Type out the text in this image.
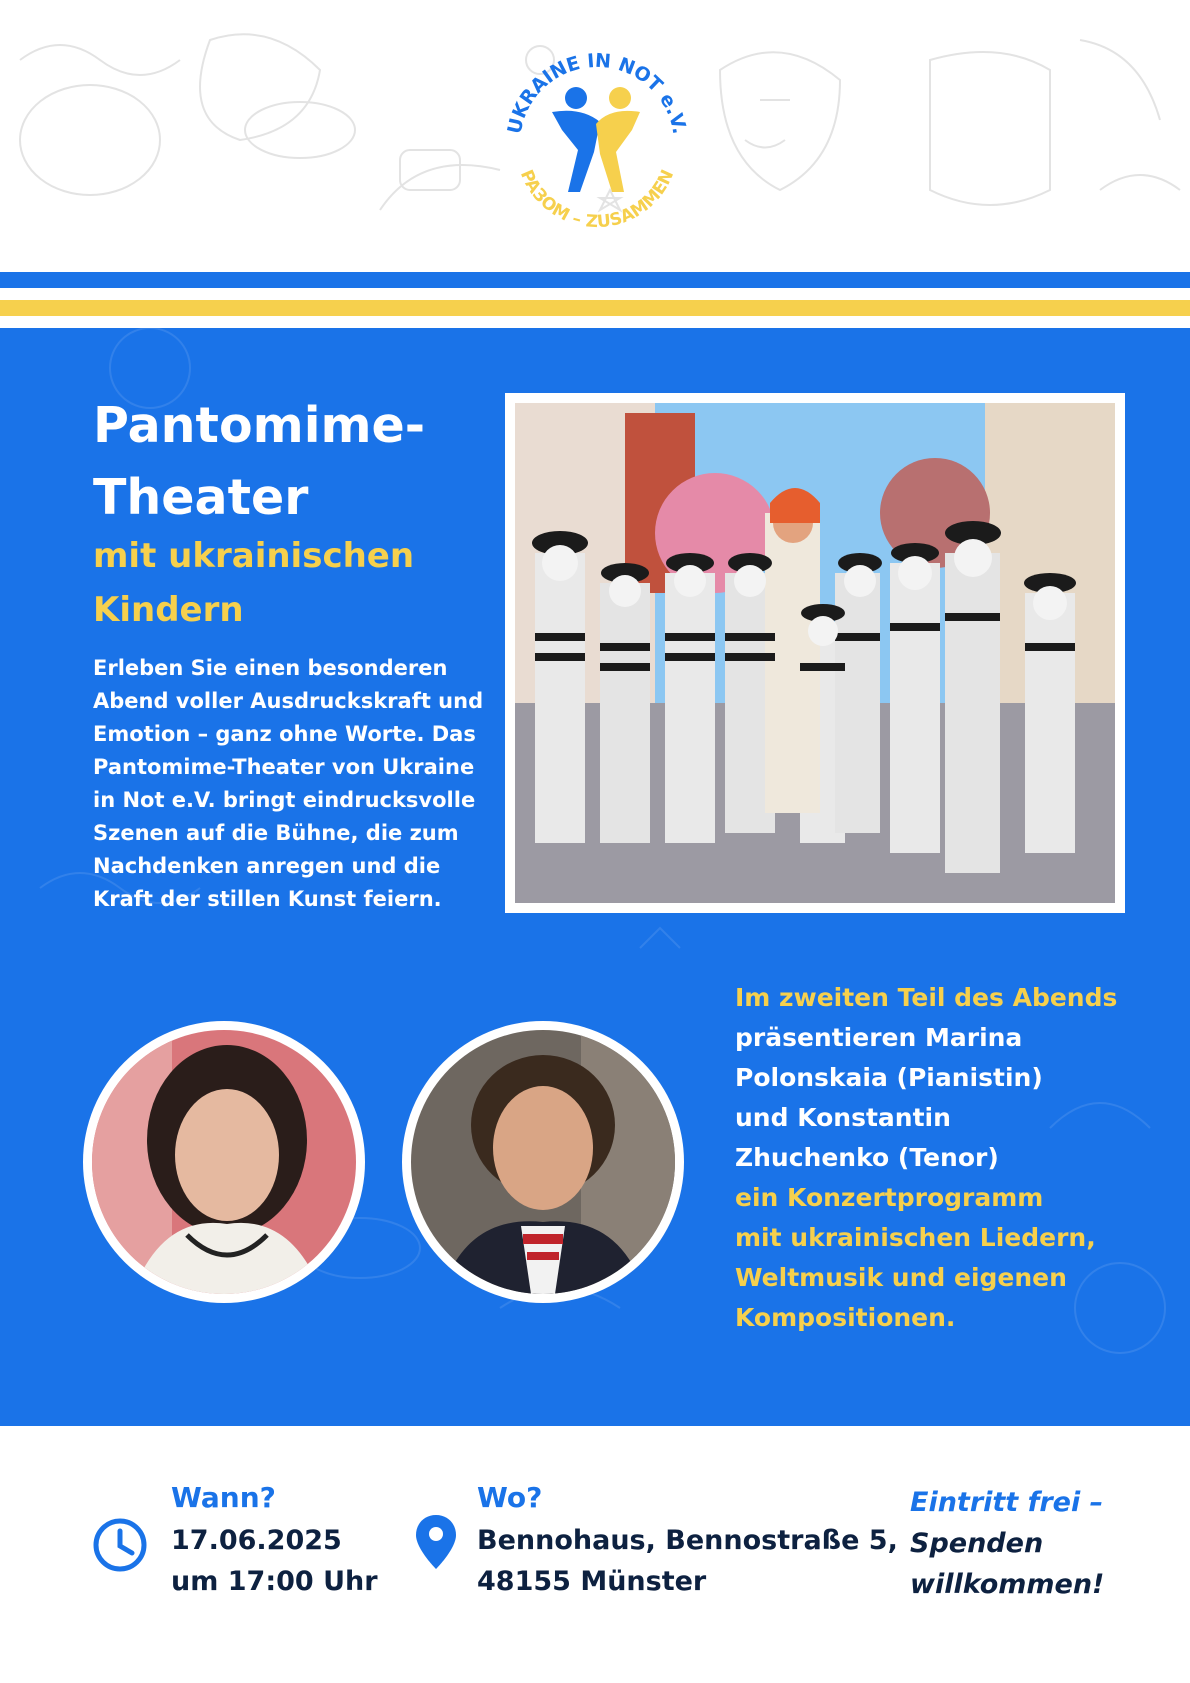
UKRAINE IN NOT e.V.
PAЗOM – ZUSAMMEN
Pantomime-
Theater
mit ukrainischen
Kindern

Erleben Sie einen besonderen Abend voller Ausdruckskraft und Emotion – ganz ohne Worte. Das Pantomime-Theater von Ukraine in Not e.V. bringt eindrucksvolle Szenen auf die Bühne, die zum Nachdenken anregen und die Kraft der stillen Kunst feiern.

Im zweiten Teil des Abends
präsentieren Marina
Polonskaia (Pianistin)
und Konstantin
Zhuchenko (Tenor)
ein Konzertprogramm
mit ukrainischen Liedern,
Weltmusik und eigenen
Kompositionen.

Wann?
17.06.2025
um 17:00 Uhr
Wo?
Bennohaus, Bennostraße 5,
48155 Münster
Eintritt frei –
Spenden
willkommen!
